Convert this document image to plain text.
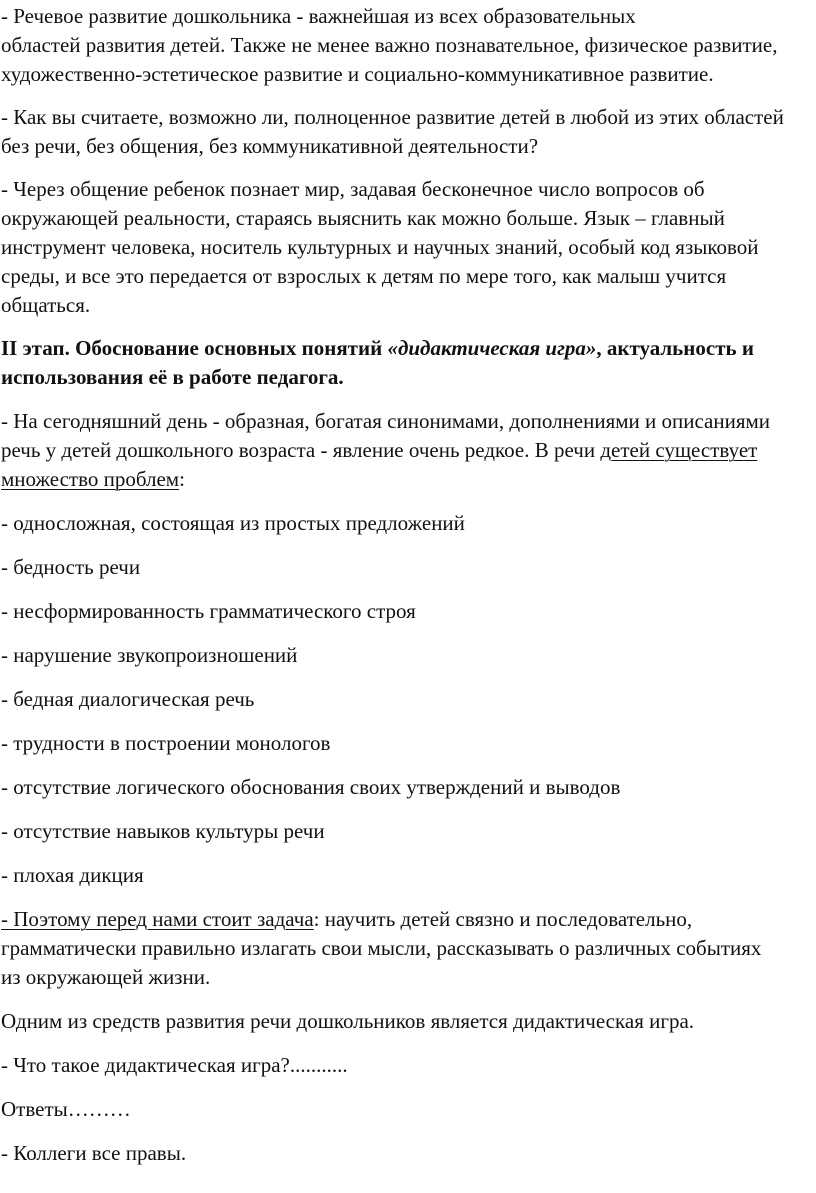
- Речевое развитие дошкольника - важнейшая из всех образовательных
областей развития детей. Также не менее важно познавательное, физическое развитие,
художественно-эстетическое развитие и социально-коммуникативное развитие.

- Как вы считаете, возможно ли, полноценное развитие детей в любой из этих областей
без речи, без общения, без коммуникативной деятельности?

- Через общение ребенок познает мир, задавая бесконечное число вопросов об
окружающей реальности, стараясь выяснить как можно больше. Язык – главный
инструмент человека, носитель культурных и научных знаний, особый код языковой
среды, и все это передается от взрослых к детям по мере того, как малыш учится
общаться.

II этап. Обоснование основных понятий «дидактическая игра», актуальность и
использования её в работе педагога.

- На сегодняшний день - образная, богатая синонимами, дополнениями и описаниями
речь у детей дошкольного возраста - явление очень редкое. В речи детей существует
множество проблем:

- односложная, состоящая из простых предложений

- бедность речи

- несформированность грамматического строя

- нарушение звукопроизношений

- бедная диалогическая речь

- трудности в построении монологов

- отсутствие логического обоснования своих утверждений и выводов

- отсутствие навыков культуры речи

- плохая дикция

- Поэтому перед нами стоит задача: научить детей связно и последовательно,
грамматически правильно излагать свои мысли, рассказывать о различных событиях
из окружающей жизни.

Одним из средств развития речи дошкольников является дидактическая игра.

- Что такое дидактическая игра?...........

Ответы………

- Коллеги все правы.
